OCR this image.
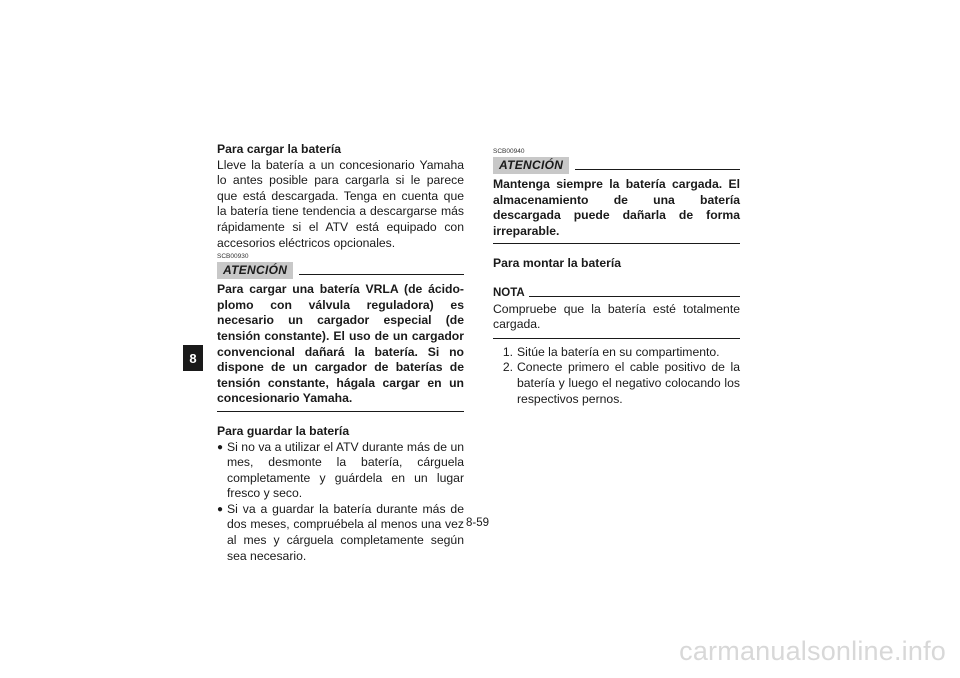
8

Para cargar la batería

Lleve la batería a un concesionario Yamaha lo antes posible para cargarla si le parece que está descargada. Tenga en cuenta que la batería tiene tendencia a descargarse más rápidamente si el ATV está equipado con accesorios eléctricos opcionales.

SCB00930
ATENCIÓN

Para cargar una batería VRLA (de ácido-plomo con válvula reguladora) es necesario un cargador especial (de tensión constante). El uso de un cargador convencional dañará la batería. Si no dispone de un cargador de baterías de tensión constante, hágala cargar en un concesionario Yamaha.

Para guardar la batería

● Si no va a utilizar el ATV durante más de un mes, desmonte la batería, cárguela completamente y guárdela en un lugar fresco y seco.
● Si va a guardar la batería durante más de dos meses, compruébela al menos una vez al mes y cárguela completamente según sea necesario.
SCB00940
ATENCIÓN

Mantenga siempre la batería cargada. El almacenamiento de una batería descargada puede dañarla de forma irreparable.

Para montar la batería

NOTA

Compruebe que la batería esté totalmente cargada.

1. Sitúe la batería en su compartimento.
2. Conecte primero el cable positivo de la batería y luego el negativo colocando los respectivos pernos.
8-59
carmanualsonline.info
